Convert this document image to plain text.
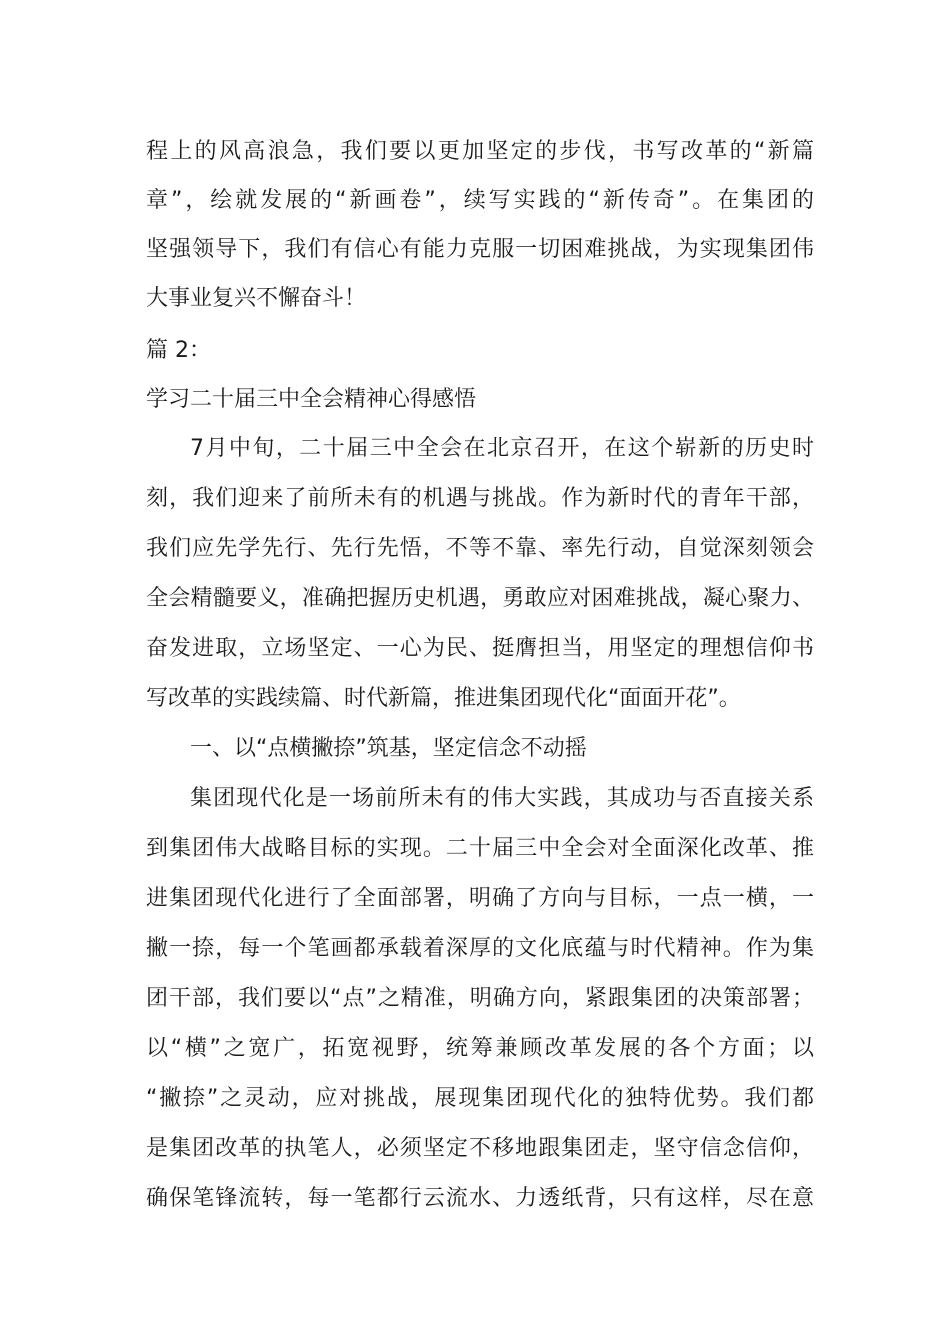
程上的风高浪急，我们要以更加坚定的步伐，书写改革的“新篇
章”，绘就发展的“新画卷”，续写实践的“新传奇”。在集团的
坚强领导下，我们有信心有能力克服一切困难挑战，为实现集团伟
大事业复兴不懈奋斗！
篇 2：
学习二十届三中全会精神心得感悟
7月中旬，二十届三中全会在北京召开，在这个崭新的历史时
刻，我们迎来了前所未有的机遇与挑战。作为新时代的青年干部，
我们应先学先行、先行先悟，不等不靠、率先行动，自觉深刻领会
全会精髓要义，准确把握历史机遇，勇敢应对困难挑战，凝心聚力、
奋发进取，立场坚定、一心为民、挺膺担当，用坚定的理想信仰书
写改革的实践续篇、时代新篇，推进集团现代化“面面开花”。
一、以“点横撇捺”筑基，坚定信念不动摇
集团现代化是一场前所未有的伟大实践，其成功与否直接关系
到集团伟大战略目标的实现。二十届三中全会对全面深化改革、推
进集团现代化进行了全面部署，明确了方向与目标，一点一横，一
撇一捺，每一个笔画都承载着深厚的文化底蕴与时代精神。作为集
团干部，我们要以“点”之精准，明确方向，紧跟集团的决策部署；
以“横”之宽广，拓宽视野，统筹兼顾改革发展的各个方面；以
“撇捺”之灵动，应对挑战，展现集团现代化的独特优势。我们都
是集团改革的执笔人，必须坚定不移地跟集团走，坚守信念信仰，
确保笔锋流转，每一笔都行云流水、力透纸背，只有这样，尽在意
